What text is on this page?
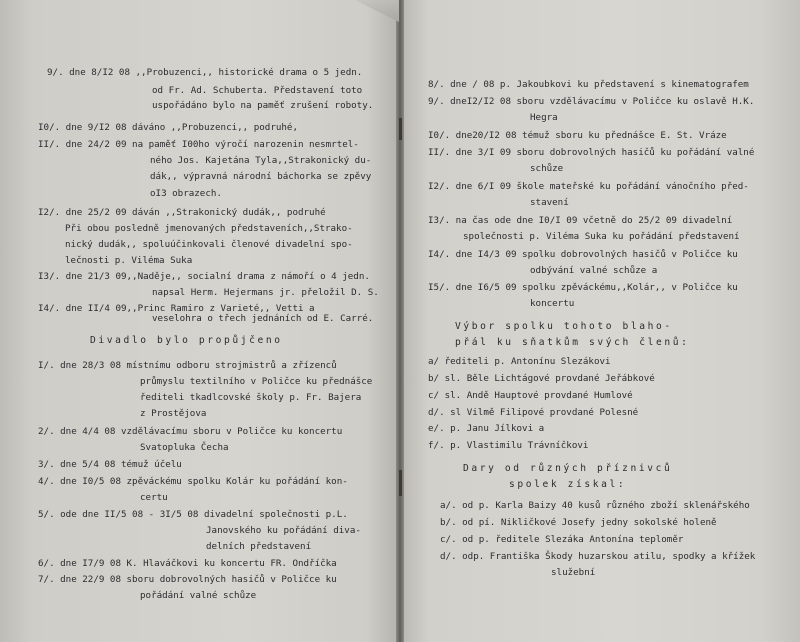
9/. dne 8/I2 08 ,,Probuzenci,, historické drama o 5 jedn.
od Fr. Ad. Schuberta. Představení toto
uspořádáno bylo na paměť zrušení roboty.
I0/. dne 9/I2 08 dáváno ,,Probuzenci,, podruhé,
II/. dne 24/2 09 na paměť I00ho výročí narozenin nesmrtel-
ného Jos. Kajetána Tyla,,Strakonický du-
dák,, výpravná národní báchorka se zpěvy
oI3 obrazech.
I2/. dne 25/2 09 dáván ,,Strakonický dudák,, podruhé
Při obou posledně jmenovaných představeních,,Strako-
nický dudák,, spoluúčinkovali členové divadelní spo-
lečnosti p. Viléma Suka
I3/. dne 21/3 09,,Naděje,, socialní drama z námoří o 4 jedn.
napsal Herm. Hejermans jr. přeložil D. S.
I4/. dne II/4 09,,Princ Ramiro z Varieté,, Vetti a
veselohra o třech jednáních od E. Carré.
Divadlo bylo propůjčeno
I/. dne 28/3 08 místnímu odboru strojmistrů a zřízenců
průmyslu textilního v Poličce ku přednášce
řediteli tkadlcovské školy p. Fr. Bajera
z Prostějova
2/. dne 4/4 08 vzdělávacímu sboru v Poličce ku koncertu
Svatopluka Čecha
3/. dne 5/4 08 témuž účelu
4/. dne I0/5 08 zpěváckému spolku Kolár ku pořádání kon-
certu
5/. ode dne II/5 08 - 3I/5 08 divadelní společnosti p.L.
Janovského ku pořádání diva-
delních představení
6/. dne I7/9 08 K. Hlaváčkovi ku koncertu FR. Ondříčka
7/. dne 22/9 08 sboru dobrovolných hasičů v Poličce ku
pořádání valné schůze
8/. dne / 08 p. Jakoubkovi ku představení s kinematografem
9/. dneI2/I2 08 sboru vzdělávacímu v Poličce ku oslavě H.K.
Hegra
I0/. dne20/I2 08 témuž sboru ku přednášce E. St. Vráze
II/. dne 3/I 09 sboru dobrovolných hasičů ku pořádání valné
schůze
I2/. dne 6/I 09 škole mateřské ku pořádání vánočního před-
stavení
I3/. na čas ode dne I0/I 09 včetně do 25/2 09 divadelní
společnosti p. Viléma Suka ku pořádání představení
I4/. dne I4/3 09 spolku dobrovolných hasičů v Poličce ku
odbývání valné schůze a
I5/. dne I6/5 09 spolku zpěváckému,,Kolár,, v Poličce ku
koncertu
Výbor spolku tohoto blaho-
přál ku sňatkům svých členů:
a/ řediteli p. Antonínu Slezákovi
b/ sl. Běle Lichtágové provdané Jeřábkové
c/ sl. Andě Hauptové provdané Humlové
d/. sl Vilmě Filipové provdané Polesné
e/. p. Janu Jílkovi a
f/. p. Vlastimilu Trávníčkovi
Dary od různých příznivců
spolek získal:
a/. od p. Karla Baizy 40 kusů různého zboží sklenářského
b/. od pí. Nikličkové Josefy jedny sokolské holeně
c/. od p. ředitele Slezáka Antonína teploměr
d/. odp. Františka Škody huzarskou atilu, spodky a křížek
služební
